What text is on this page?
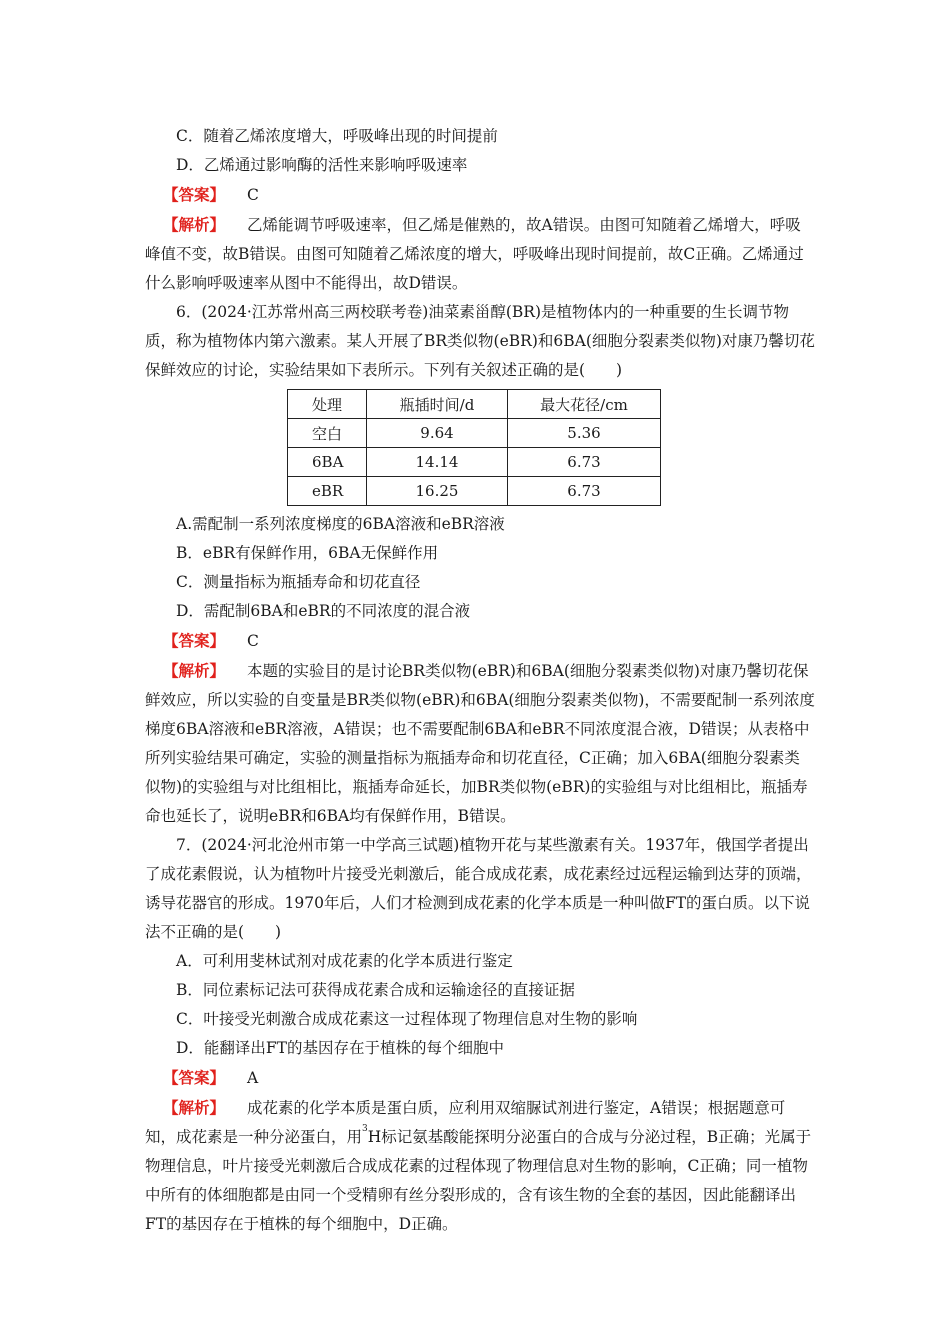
C．随着乙烯浓度增大，呼吸峰出现的时间提前

D．乙烯通过影响酶的活性来影响呼吸速率

【答案】 C

【解析】 乙烯能调节呼吸速率，但乙烯是催熟的，故A错误。由图可知随着乙烯增大，呼吸峰值不变，故B错误。由图可知随着乙烯浓度的增大，呼吸峰出现时间提前，故C正确。乙烯通过什么影响呼吸速率从图中不能得出，故D错误。

6．(2024·江苏常州高三两校联考卷)油菜素甾醇(BR)是植物体内的一种重要的生长调节物质，称为植物体内第六激素。某人开展了BR类似物(eBR)和6BA(细胞分裂素类似物)对康乃馨切花保鲜效应的讨论，实验结果如下表所示。下列有关叙述正确的是(　　)

处理	瓶插时间/d	最大花径/cm
空白	9.64	5.36
6BA	14.14	6.73
eBR	16.25	6.73

A.需配制一系列浓度梯度的6BA溶液和eBR溶液

B．eBR有保鲜作用，6BA无保鲜作用

C．测量指标为瓶插寿命和切花直径

D．需配制6BA和eBR的不同浓度的混合液

【答案】 C

【解析】 本题的实验目的是讨论BR类似物(eBR)和6BA(细胞分裂素类似物)对康乃馨切花保鲜效应，所以实验的自变量是BR类似物(eBR)和6BA(细胞分裂素类似物)，不需要配制一系列浓度梯度6BA溶液和eBR溶液，A错误；也不需要配制6BA和eBR不同浓度混合液，D错误；从表格中所列实验结果可确定，实验的测量指标为瓶插寿命和切花直径，C正确；加入6BA(细胞分裂素类似物)的实验组与对比组相比，瓶插寿命延长，加BR类似物(eBR)的实验组与对比组相比，瓶插寿命也延长了，说明eBR和6BA均有保鲜作用，B错误。

7．(2024·河北沧州市第一中学高三试题)植物开花与某些激素有关。1937年，俄国学者提出了成花素假说，认为植物叶片接受光刺激后，能合成成花素，成花素经过远程运输到达芽的顶端，诱导花器官的形成。1970年后，人们才检测到成花素的化学本质是一种叫做FT的蛋白质。以下说法不正确的是(　　)

A．可利用斐林试剂对成花素的化学本质进行鉴定

B．同位素标记法可获得成花素合成和运输途径的直接证据

C．叶接受光刺激合成成花素这一过程体现了物理信息对生物的影响

D．能翻译出FT的基因存在于植株的每个细胞中

【答案】 A

【解析】 成花素的化学本质是蛋白质，应利用双缩脲试剂进行鉴定，A错误；根据题意可知，成花素是一种分泌蛋白，用$^3$H标记氨基酸能探明分泌蛋白的合成与分泌过程，B正确；光属于物理信息，叶片接受光刺激后合成成花素的过程体现了物理信息对生物的影响，C正确；同一植物中所有的体细胞都是由同一个受精卵有丝分裂形成的，含有该生物的全套的基因，因此能翻译出FT的基因存在于植株的每个细胞中，D正确。
